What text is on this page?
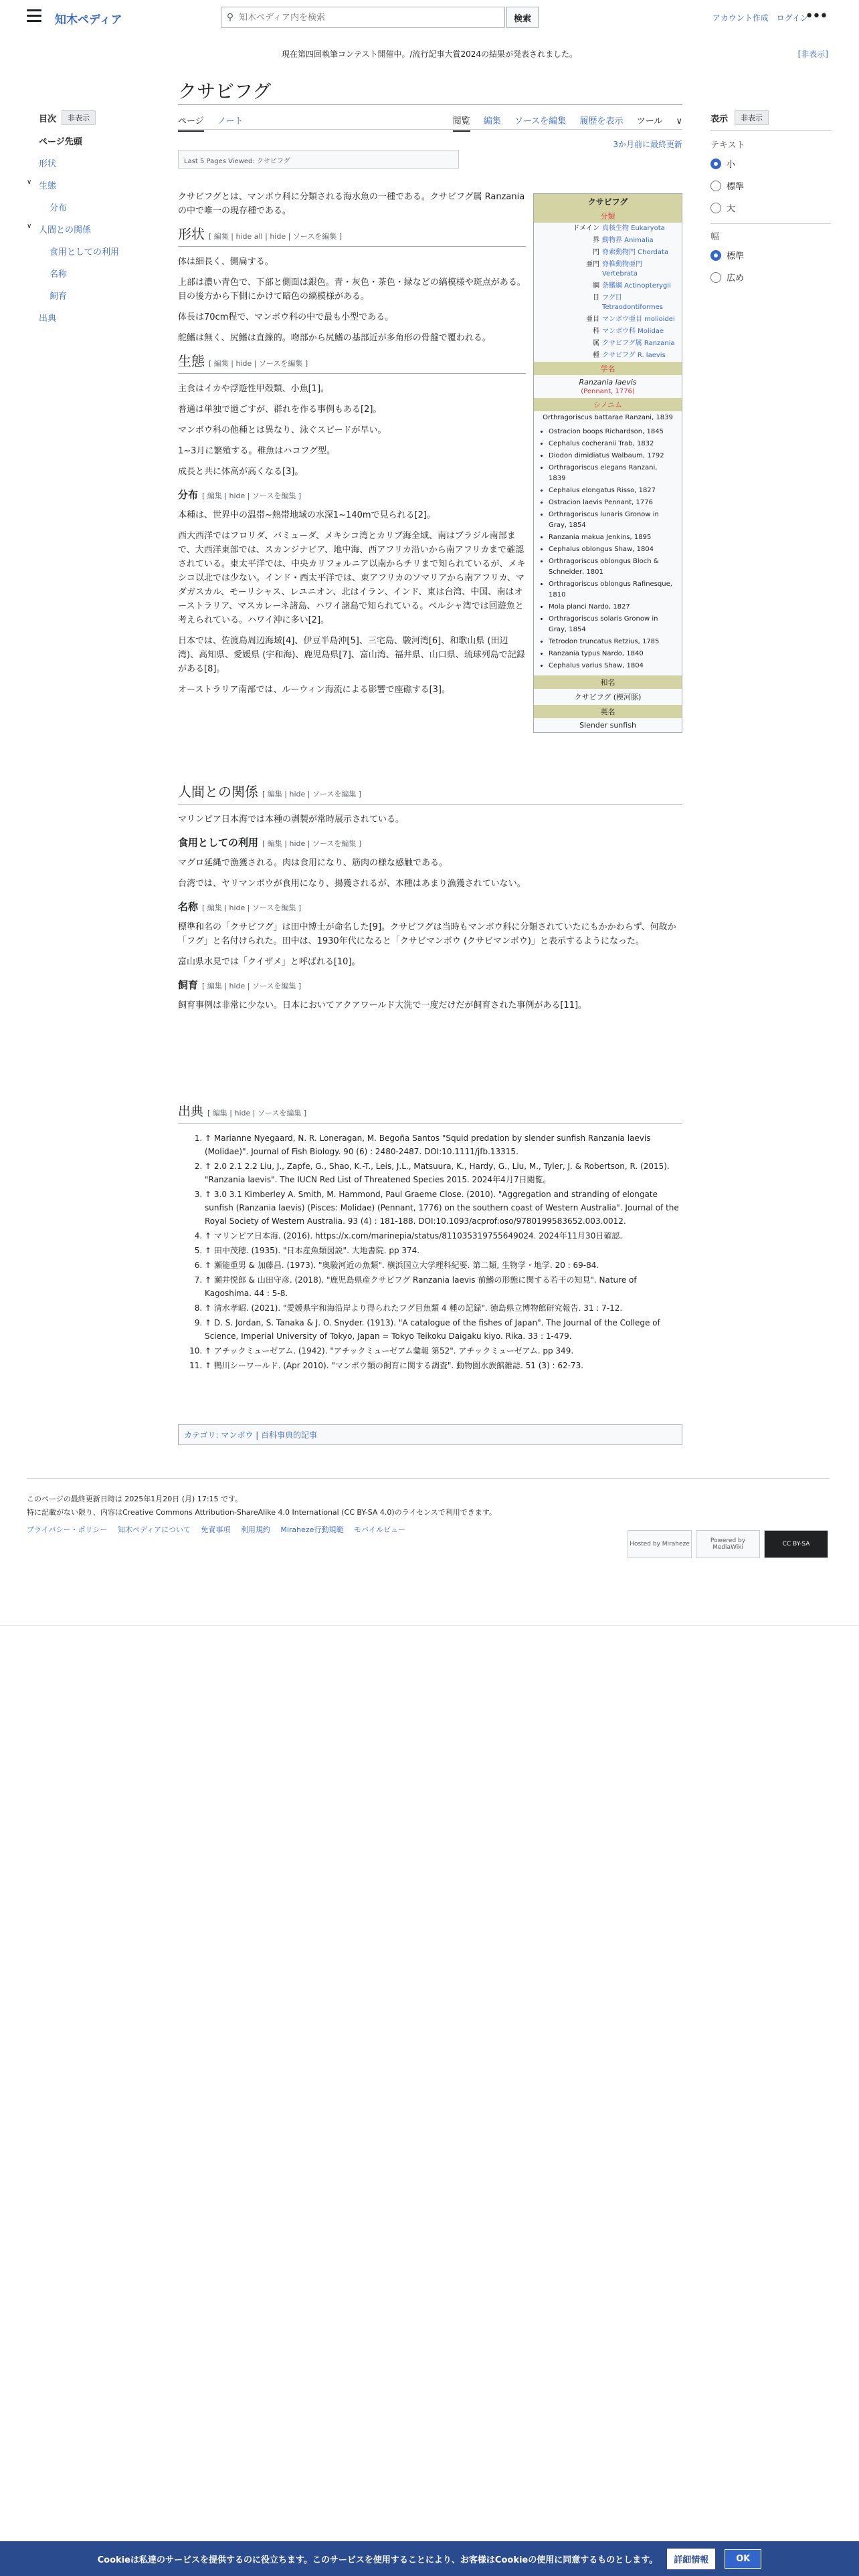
知木ペディア	⚲
知木ペディア内を検索	検索	アカウント作成 ログイン
•••
現在第四回執筆コンテスト開催中。/流行記事大賞2024の結果が発表されました。	[非表示]
目次	非表示
ページ先頭
形状
∨ 生態
分布
∨ 人間との関係
食用としての利用
名称
飼育
出典
表示	非表示
テキスト
小
標準
大
幅
標準
広め
クサビフグ
ページ ノート	閲覧 編集 ソースを編集 履歴を表示 ツール ∨
3か月前に最終更新
Last 5 Pages Viewed: クサビフグ

クサビフグとは、マンボウ科に分類される海水魚の一種である。クサビフグ属 Ranzania の中で唯一の現存種である。

形状 [ 編集 | hide all | hide | ソースを編集 ]

体は細長く、側扁する。

上部は濃い青色で、下部と側面は銀色。青・灰色・茶色・緑などの縞模様や斑点がある。目の後方から下側にかけて暗色の縞模様がある。

体長は70cm程で、マンボウ科の中で最も小型である。

舵鰭は無く、尻鰭は直線的。吻部から尻鰭の基部近が多角形の骨盤で覆われる。

生態 [ 編集 | hide | ソースを編集 ]

主食はイカや浮遊性甲殻類、小魚[1]。

普通は単独で過ごすが、群れを作る事例もある[2]。

マンボウ科の他種とは異なり、泳ぐスピードが早い。

1~3月に繁殖する。稚魚はハコフグ型。

成長と共に体高が高くなる[3]。

分布 [ 編集 | hide | ソースを編集 ]

本種は、世界中の温帯~熱帯地域の水深1~140mで見られる[2]。

西大西洋ではフロリダ、バミューダ、メキシコ湾とカリブ海全域、南はブラジル南部まで、大西洋東部では、スカンジナビア、地中海、西アフリカ沿いから南アフリカまで確認されている。東太平洋では、中央カリフォルニア以南からチリまで知られているが、メキシコ以北では少ない。インド・西太平洋では、東アフリカのソマリアから南アフリカ、マダガスカル、モーリシャス、レユニオン、北はイラン、インド、東は台湾、中国、南はオーストラリア、マスカレーネ諸島、ハワイ諸島で知られている。ベルシャ湾では回遊魚と考えられている。ハワイ沖に多い[2]。

日本では、佐渡島周辺海域[4]、伊豆半島沖[5]、三宅島、駿河湾[6]、和歌山県 (田辺湾)、高知県、愛媛県 (宇和海)、鹿児島県[7]、富山湾、福井県、山口県、琉球列島で記録がある[8]。

オーストラリア南部では、ルーウィン海流による影響で座礁する[3]。

人間との関係 [ 編集 | hide | ソースを編集 ]

マリンピア日本海では本種の剥製が常時展示されている。

食用としての利用 [ 編集 | hide | ソースを編集 ]

マグロ延縄で漁獲される。肉は食用になり、筋肉の様な感触である。

台湾では、ヤリマンボウが食用になり、揚獲されるが、本種はあまり漁獲されていない。

名称 [ 編集 | hide | ソースを編集 ]

標準和名の「クサビフグ」は田中博士が命名した[9]。クサビフグは当時もマンボウ科に分類されていたにもかかわらず、何故か「フグ」と名付けられた。田中は、1930年代になると「クサビマンボウ (クサビマンボウ)」と表示するようになった。

富山県水見では「クイザメ」と呼ばれる[10]。

飼育 [ 編集 | hide | ソースを編集 ]

飼育事例は非常に少ない。日本においてアクアワールド大洗で一度だけだが飼育された事例がある[11]。

クサビフグ
分類
ドメイン 真核生物 Eukaryota
界 動物界 Animalia
門 脊索動物門 Chordata
亜門 脊椎動物亜門 Vertebrata
綱 条鰭綱 Actinopterygii
目 フグ目 Tetraodontiformes
亜目 マンボウ亜目 molioidei
科 マンボウ科 Molidae
属 クサビフグ属 Ranzania
種 クサビフグ R. laevis
学名
Ranzania laevis
(Pennant, 1776)
シノニム
Orthragoriscus battarae Ranzani, 1839
• Ostracion boops Richardson, 1845
• Cephalus cocheranii Trab, 1832
• Diodon dimidiatus Walbaum, 1792
• Orthragoriscus elegans Ranzani, 1839
• Cephalus elongatus Risso, 1827
• Ostracion laevis Pennant, 1776
• Orthragoriscus lunaris Gronow in Gray, 1854
• Ranzania makua Jenkins, 1895
• Cephalus oblongus Shaw, 1804
• Orthragoriscus oblongus Bloch & Schneider, 1801
• Orthragoriscus oblongus Rafinesque, 1810
• Mola planci Nardo, 1827
• Orthragoriscus solaris Gronow in Gray, 1854
• Tetrodon truncatus Retzius, 1785
• Ranzania typus Nardo, 1840
• Cephalus varius Shaw, 1804
和名
クサビフグ (楔河豚)
英名
Slender sunfish
出典 [ 編集 | hide | ソースを編集 ]
1. ↑ Marianne Nyegaard, N. R. Loneragan, M. Begoña Santos "Squid predation by slender sunfish Ranzania laevis (Molidae)". Journal of Fish Biology. 90 (6) : 2480-2487. DOI:10.1111/jfb.13315.
2. ↑ 2.0 2.1 2.2 Liu, J., Zapfe, G., Shao, K.-T., Leis, J.L., Matsuura, K., Hardy, G., Liu, M., Tyler, J. & Robertson, R. (2015). "Ranzania laevis". The IUCN Red List of Threatened Species 2015. 2024年4月7日閲覧。
3. ↑ 3.0 3.1 Kimberley A. Smith, M. Hammond, Paul Graeme Close. (2010). "Aggregation and stranding of elongate sunfish (Ranzania laevis) (Pisces: Molidae) (Pennant, 1776) on the southern coast of Western Australia". Journal of the Royal Society of Western Australia. 93 (4) : 181-188. DOI:10.1093/acprof:oso/9780199583652.003.0012.
4. ↑ マリンピア日本海. (2016). https://x.com/marinepia/status/811035319755649024. 2024年11月30日確認.
5. ↑ 田中茂穂. (1935). "日本産魚類図説". 大地書院. pp 374.
6. ↑ 瀬能重男 & 加藤昌. (1973). "奥駿河近の魚類". 横浜国立大学理科紀要. 第二類, 生物学・地学. 20 : 69-84.
7. ↑ 瀬井悦郎 & 山田守彦. (2018). "鹿児島県産クサビフグ Ranzania laevis 前鰭の形態に関する若干の知見". Nature of Kagoshima. 44 : 5-8.
8. ↑ 清水孝昭. (2021). "愛媛県宇和海沿岸より得られたフグ目魚類 4 種の記録". 徳島県立博物館研究報告. 31 : 7-12.
9. ↑ D. S. Jordan, S. Tanaka & J. O. Snyder. (1913). "A catalogue of the fishes of Japan". The Journal of the College of Science, Imperial University of Tokyo, Japan = Tokyo Teikoku Daigaku kiyo. Rika. 33 : 1-479.
10. ↑ アチックミューゼアム. (1942). "アチックミューゼアム彙報 第52". アチックミューゼアム. pp 349.
11. ↑ 鴨川シーワールド. (Apr 2010). "マンボウ類の飼育に関する調査". 動物園水族館雑誌. 51 (3) : 62-73.
カテゴリ: マンボウ | 百科事典的記事
このページの最終更新日時は 2025年1月20日 (月) 17:15 です。
特に記載がない限り、内容はCreative Commons Attribution-ShareAlike 4.0 International (CC BY-SA 4.0)のライセンスで利用できます。
プライバシー・ポリシー 知木ペディアについて 免責事項 利用規約 Miraheze行動規範 モバイルビュー
Hosted by Miraheze	Powered by MediaWiki	CC BY-SA
Cookieは私達のサービスを提供するのに役立ちます。このサービスを使用することにより、お客様はCookieの使用に同意するものとします。	詳細情報	OK
